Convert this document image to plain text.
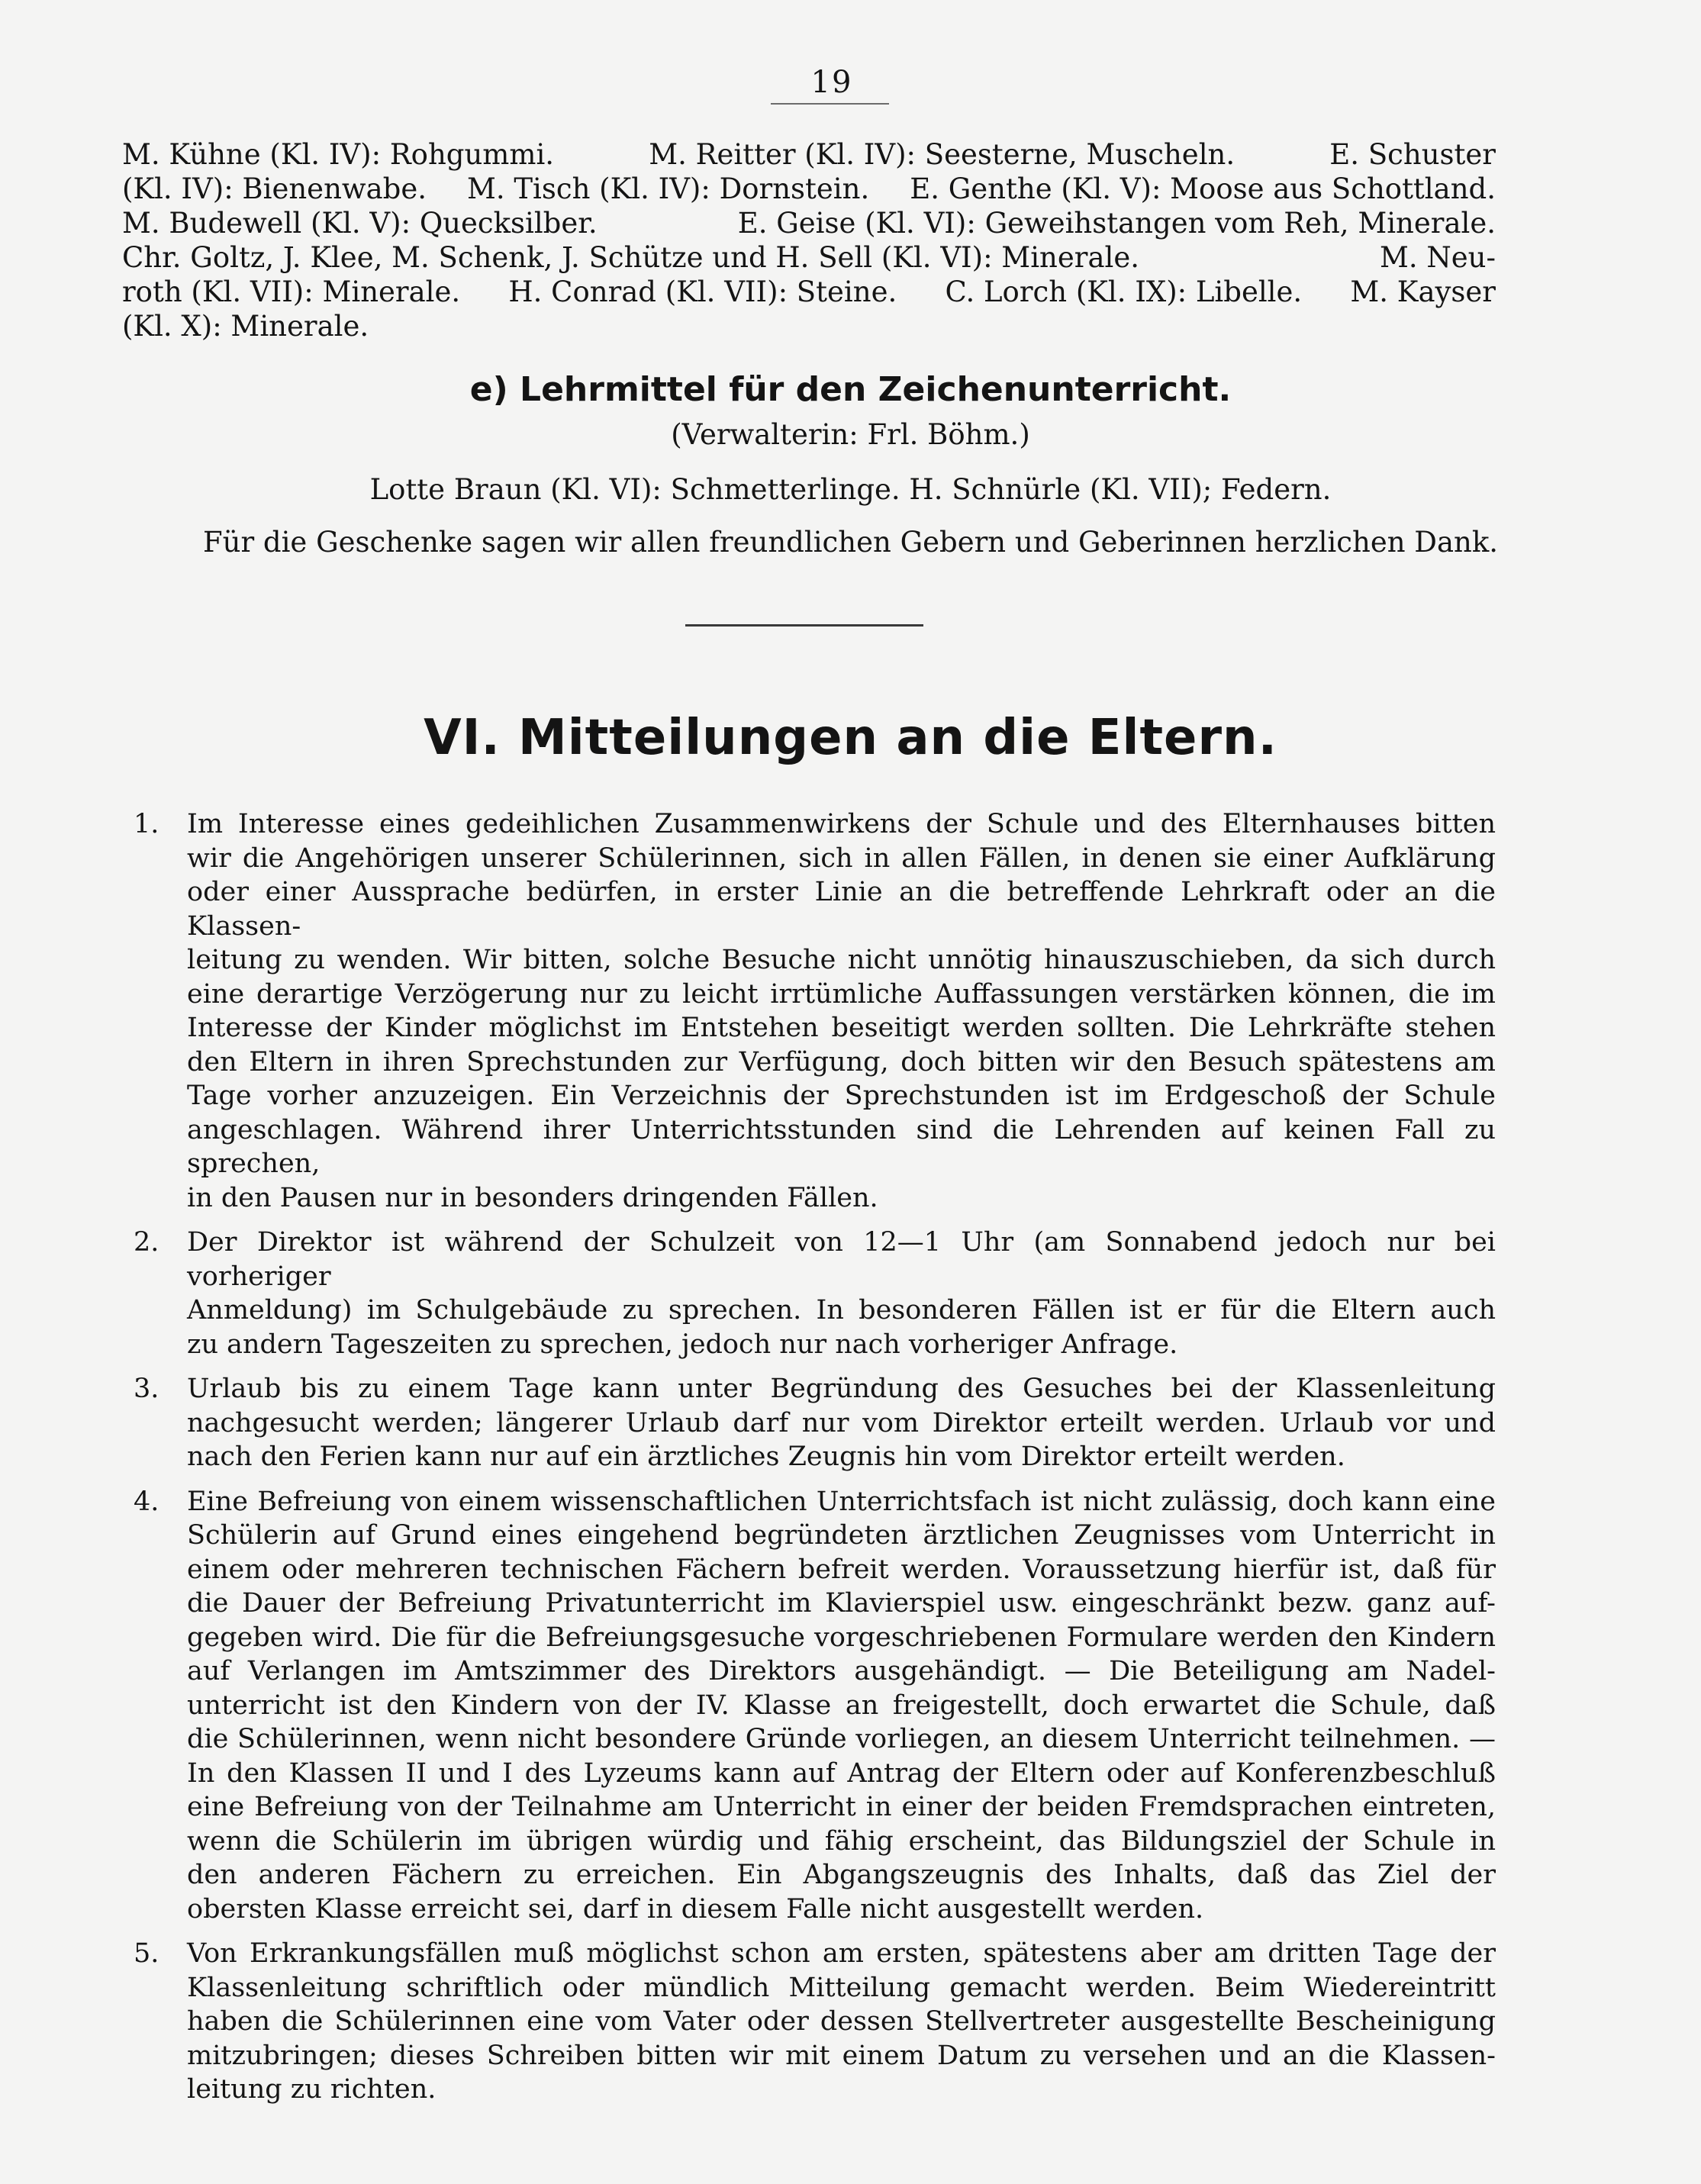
19
M. Kühne (Kl. IV): Rohgummi.	M. Reitter (Kl. IV): Seesterne, Muscheln.	E. Schuster
(Kl. IV): Bienenwabe. M. Tisch (Kl. IV): Dornstein. E. Genthe (Kl. V): Moose aus Schottland.
M. Budewell (Kl. V): Quecksilber.	E. Geise (Kl. VI): Geweihstangen vom Reh, Minerale.
Chr. Goltz, J. Klee, M. Schenk, J. Schütze und H. Sell (Kl. VI): Minerale.	M. Neu-
roth (Kl. VII): Minerale. H. Conrad (Kl. VII): Steine. C. Lorch (Kl. IX): Libelle. M. Kayser
(Kl. X): Minerale.
e) Lehrmittel für den Zeichenunterricht.
(Verwalterin: Frl. Böhm.)
Lotte Braun (Kl. VI): Schmetterlinge. H. Schnürle (Kl. VII); Federn.
Für die Geschenke sagen wir allen freundlichen Gebern und Geberinnen herzlichen Dank.
VI. Mitteilungen an die Eltern.
1.	Im Interesse eines gedeihlichen Zusammenwirkens der Schule und des Elternhauses bitten
wir die Angehörigen unserer Schülerinnen, sich in allen Fällen, in denen sie einer Aufklärung
oder einer Aussprache bedürfen, in erster Linie an die betreffende Lehrkraft oder an die Klassen-
leitung zu wenden. Wir bitten, solche Besuche nicht unnötig hinauszuschieben, da sich durch
eine derartige Verzögerung nur zu leicht irrtümliche Auffassungen verstärken können, die im
Interesse der Kinder möglichst im Entstehen beseitigt werden sollten. Die Lehrkräfte stehen
den Eltern in ihren Sprechstunden zur Verfügung, doch bitten wir den Besuch spätestens am
Tage vorher anzuzeigen. Ein Verzeichnis der Sprechstunden ist im Erdgeschoß der Schule
angeschlagen. Während ihrer Unterrichtsstunden sind die Lehrenden auf keinen Fall zu sprechen,
in den Pausen nur in besonders dringenden Fällen.
2.	Der Direktor ist während der Schulzeit von 12—1 Uhr (am Sonnabend jedoch nur bei vorheriger
Anmeldung) im Schulgebäude zu sprechen. In besonderen Fällen ist er für die Eltern auch
zu andern Tageszeiten zu sprechen, jedoch nur nach vorheriger Anfrage.
3.	Urlaub bis zu einem Tage kann unter Begründung des Gesuches bei der Klassenleitung
nachgesucht werden; längerer Urlaub darf nur vom Direktor erteilt werden. Urlaub vor und
nach den Ferien kann nur auf ein ärztliches Zeugnis hin vom Direktor erteilt werden.
4.	Eine Befreiung von einem wissenschaftlichen Unterrichtsfach ist nicht zulässig, doch kann eine
Schülerin auf Grund eines eingehend begründeten ärztlichen Zeugnisses vom Unterricht in
einem oder mehreren technischen Fächern befreit werden. Voraussetzung hierfür ist, daß für
die Dauer der Befreiung Privatunterricht im Klavierspiel usw. eingeschränkt bezw. ganz auf-
gegeben wird. Die für die Befreiungsgesuche vorgeschriebenen Formulare werden den Kindern
auf Verlangen im Amtszimmer des Direktors ausgehändigt. — Die Beteiligung am Nadel-
unterricht ist den Kindern von der IV. Klasse an freigestellt, doch erwartet die Schule, daß
die Schülerinnen, wenn nicht besondere Gründe vorliegen, an diesem Unterricht teilnehmen. —
In den Klassen II und I des Lyzeums kann auf Antrag der Eltern oder auf Konferenzbeschluß
eine Befreiung von der Teilnahme am Unterricht in einer der beiden Fremdsprachen eintreten,
wenn die Schülerin im übrigen würdig und fähig erscheint, das Bildungsziel der Schule in
den anderen Fächern zu erreichen. Ein Abgangszeugnis des Inhalts, daß das Ziel der
obersten Klasse erreicht sei, darf in diesem Falle nicht ausgestellt werden.
5.	Von Erkrankungsfällen muß möglichst schon am ersten, spätestens aber am dritten Tage der
Klassenleitung schriftlich oder mündlich Mitteilung gemacht werden. Beim Wiedereintritt
haben die Schülerinnen eine vom Vater oder dessen Stellvertreter ausgestellte Bescheinigung
mitzubringen; dieses Schreiben bitten wir mit einem Datum zu versehen und an die Klassen-
leitung zu richten.
